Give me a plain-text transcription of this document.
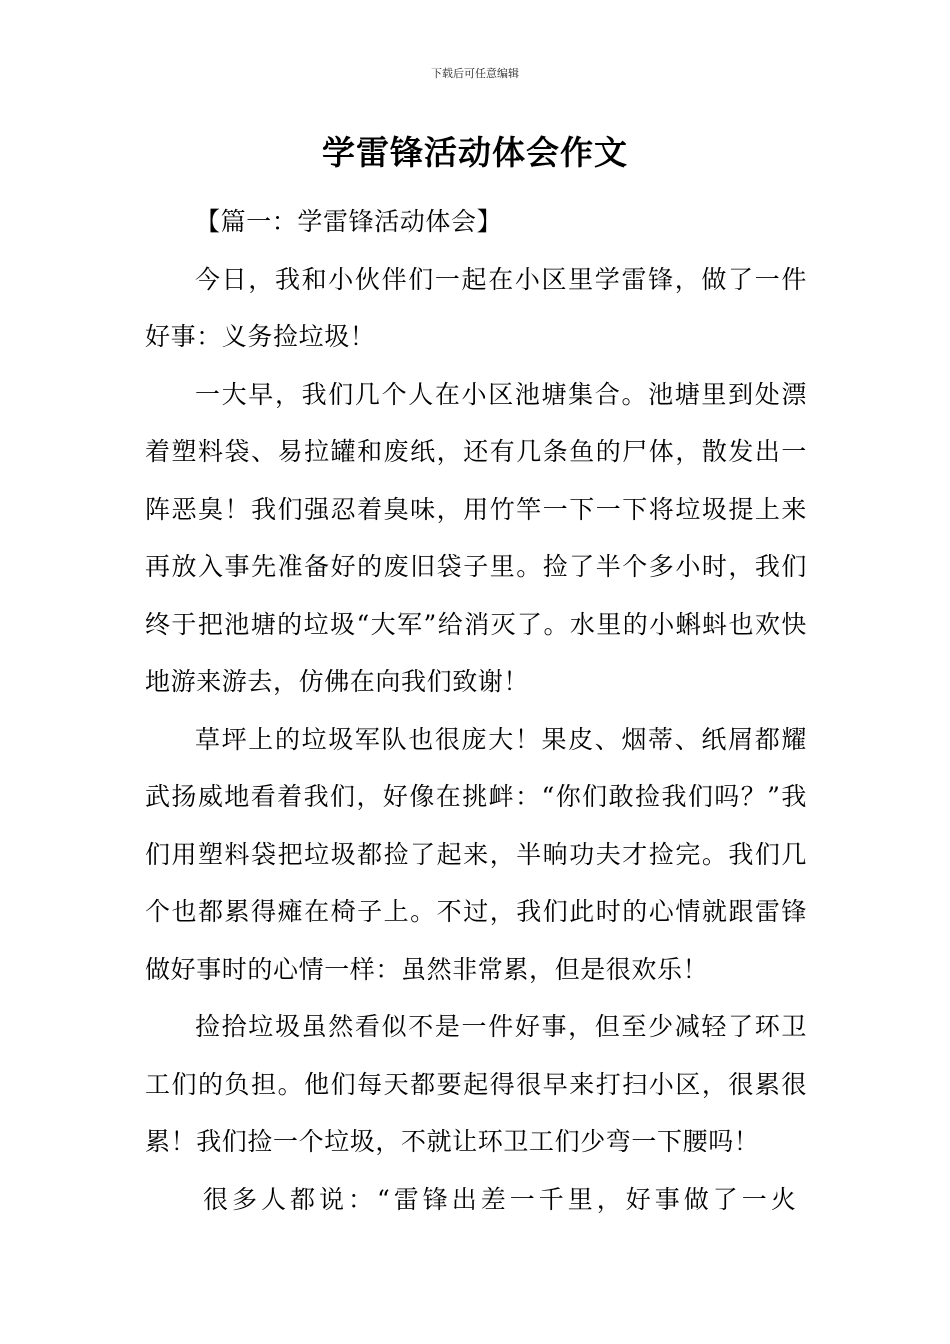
下载后可任意编辑
学雷锋活动体会作文

【篇一：学雷锋活动体会】

今日，我和小伙伴们一起在小区里学雷锋，做了一件好事：义务捡垃圾！

一大早，我们几个人在小区池塘集合。池塘里到处漂着塑料袋、易拉罐和废纸，还有几条鱼的尸体，散发出一阵恶臭！我们强忍着臭味，用竹竿一下一下将垃圾提上来再放入事先准备好的废旧袋子里。捡了半个多小时，我们终于把池塘的垃圾“大军”给消灭了。水里的小蝌蚪也欢快地游来游去，仿佛在向我们致谢！

草坪上的垃圾军队也很庞大！果皮、烟蒂、纸屑都耀武扬威地看着我们，好像在挑衅：“你们敢捡我们吗？”我们用塑料袋把垃圾都捡了起来，半晌功夫才捡完。我们几个也都累得瘫在椅子上。不过，我们此时的心情就跟雷锋做好事时的心情一样：虽然非常累，但是很欢乐！

捡拾垃圾虽然看似不是一件好事，但至少减轻了环卫工们的负担。他们每天都要起得很早来打扫小区，很累很累！我们捡一个垃圾，不就让环卫工们少弯一下腰吗！

很多人都说：“雷锋出差一千里，好事做了一火
